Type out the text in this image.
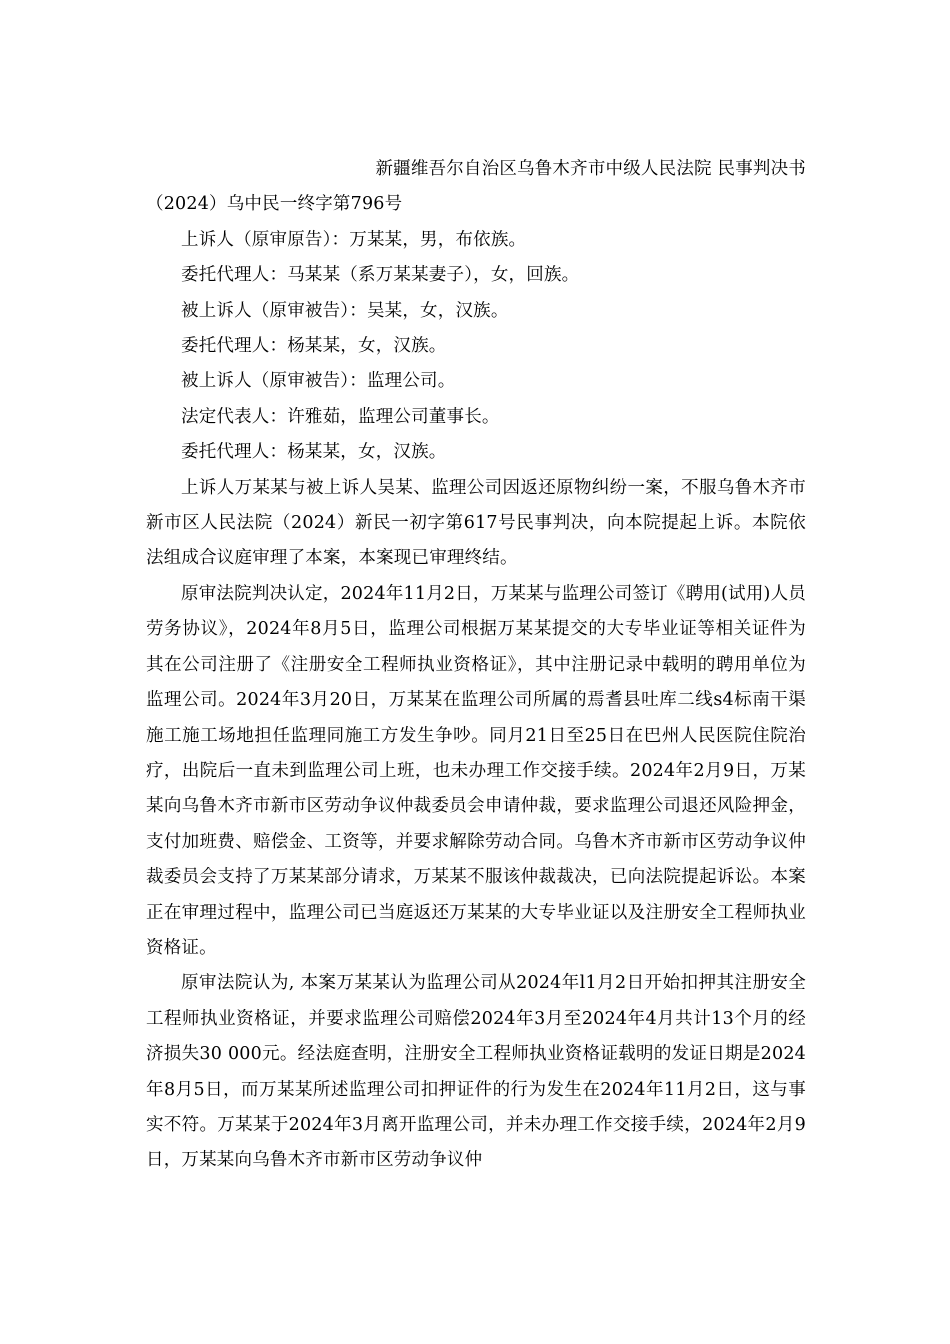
新疆维吾尔自治区乌鲁木齐市中级人民法院 民事判决书

（2024）乌中民一终字第796号

上诉人（原审原告）：万某某，男，布依族。

委托代理人：马某某（系万某某妻子），女，回族。

被上诉人（原审被告）：吴某，女，汉族。

委托代理人：杨某某，女，汉族。

被上诉人（原审被告）：监理公司。

法定代表人：许雅茹，监理公司董事长。

委托代理人：杨某某，女，汉族。

上诉人万某某与被上诉人吴某、监理公司因返还原物纠纷一案，不服乌鲁木齐市新市区人民法院（2024）新民一初字第617号民事判决，向本院提起上诉。本院依法组成合议庭审理了本案，本案现已审理终结。

原审法院判决认定，2024年11月2日，万某某与监理公司签订《聘用(试用)人员劳务协议》，2024年8月5日，监理公司根据万某某提交的大专毕业证等相关证件为其在公司注册了《注册安全工程师执业资格证》，其中注册记录中载明的聘用单位为监理公司。2024年3月20日，万某某在监理公司所属的焉耆县吐库二线s4标南干渠施工施工场地担任监理同施工方发生争吵。同月21日至25日在巴州人民医院住院治疗，出院后一直未到监理公司上班，也未办理工作交接手续。2024年2月9日，万某某向乌鲁木齐市新市区劳动争议仲裁委员会申请仲裁，要求监理公司退还风险押金，支付加班费、赔偿金、工资等，并要求解除劳动合同。乌鲁木齐市新市区劳动争议仲裁委员会支持了万某某部分请求，万某某不服该仲裁裁决，已向法院提起诉讼。本案正在审理过程中，监理公司已当庭返还万某某的大专毕业证以及注册安全工程师执业资格证。

原审法院认为, 本案万某某认为监理公司从2024年l1月2日开始扣押其注册安全工程师执业资格证，并要求监理公司赔偿2024年3月至2024年4月共计13个月的经济损失30 000元。经法庭查明，注册安全工程师执业资格证载明的发证日期是2024年8月5日，而万某某所述监理公司扣押证件的行为发生在2024年11月2日，这与事实不符。万某某于2024年3月离开监理公司，并未办理工作交接手续，2024年2月9日，万某某向乌鲁木齐市新市区劳动争议仲
